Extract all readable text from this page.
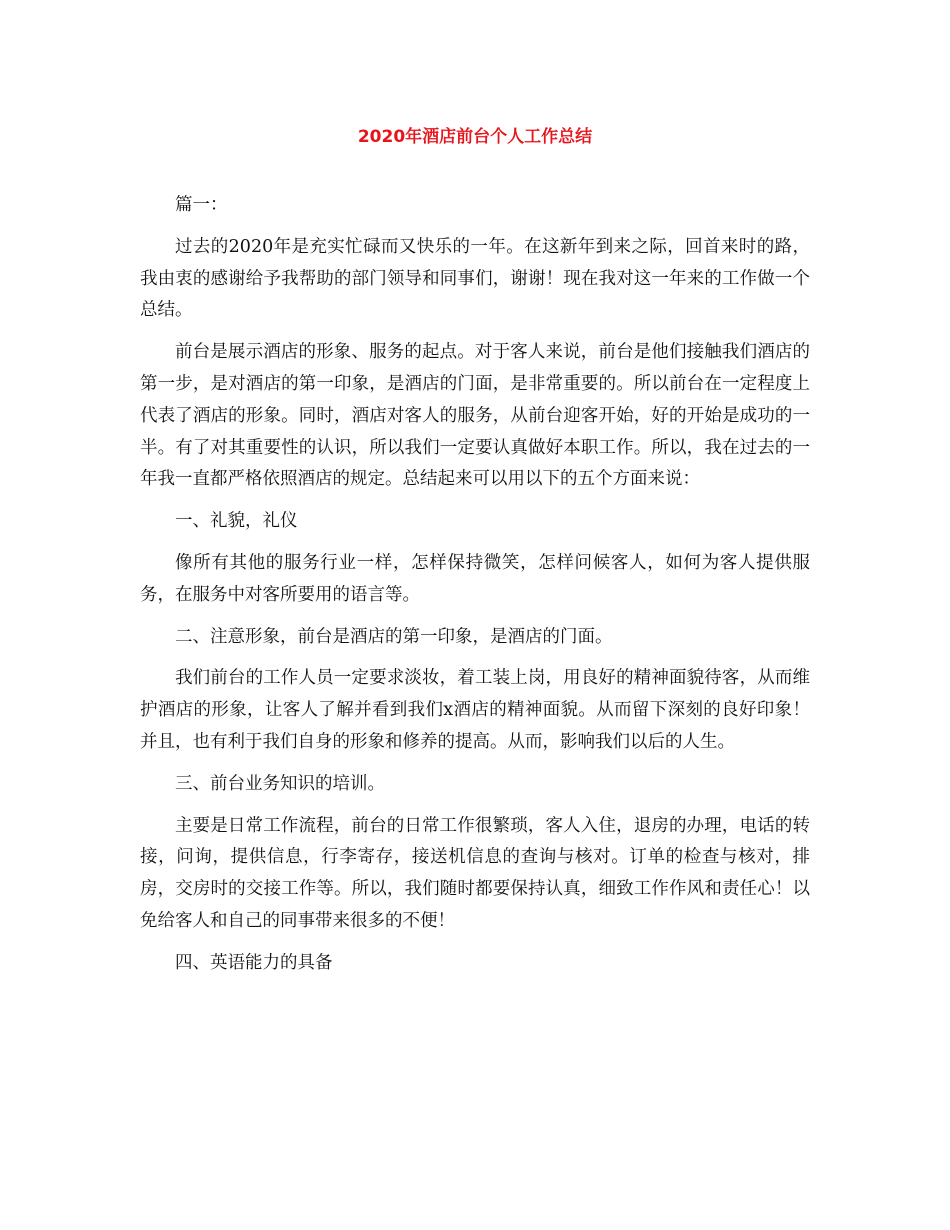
2020年酒店前台个人工作总结

篇一：

过去的2020年是充实忙碌而又快乐的一年。在这新年到来之际，回首来时的路，我由衷的感谢给予我帮助的部门领导和同事们，谢谢！现在我对这一年来的工作做一个总结。

前台是展示酒店的形象、服务的起点。对于客人来说，前台是他们接触我们酒店的第一步，是对酒店的第一印象，是酒店的门面，是非常重要的。所以前台在一定程度上代表了酒店的形象。同时，酒店对客人的服务，从前台迎客开始，好的开始是成功的一半。有了对其重要性的认识，所以我们一定要认真做好本职工作。所以，我在过去的一年我一直都严格依照酒店的规定。总结起来可以用以下的五个方面来说：

一、礼貌，礼仪

像所有其他的服务行业一样，怎样保持微笑，怎样问候客人，如何为客人提供服务，在服务中对客所要用的语言等。

二、注意形象，前台是酒店的第一印象，是酒店的门面。

我们前台的工作人员一定要求淡妆，着工装上岗，用良好的精神面貌待客，从而维护酒店的形象，让客人了解并看到我们x酒店的精神面貌。从而留下深刻的良好印象！并且，也有利于我们自身的形象和修养的提高。从而，影响我们以后的人生。

三、前台业务知识的培训。

主要是日常工作流程，前台的日常工作很繁琐，客人入住，退房的办理，电话的转接，问询，提供信息，行李寄存，接送机信息的查询与核对。订单的检查与核对，排房，交房时的交接工作等。所以，我们随时都要保持认真，细致工作作风和责任心！以免给客人和自己的同事带来很多的不便！

四、英语能力的具备
